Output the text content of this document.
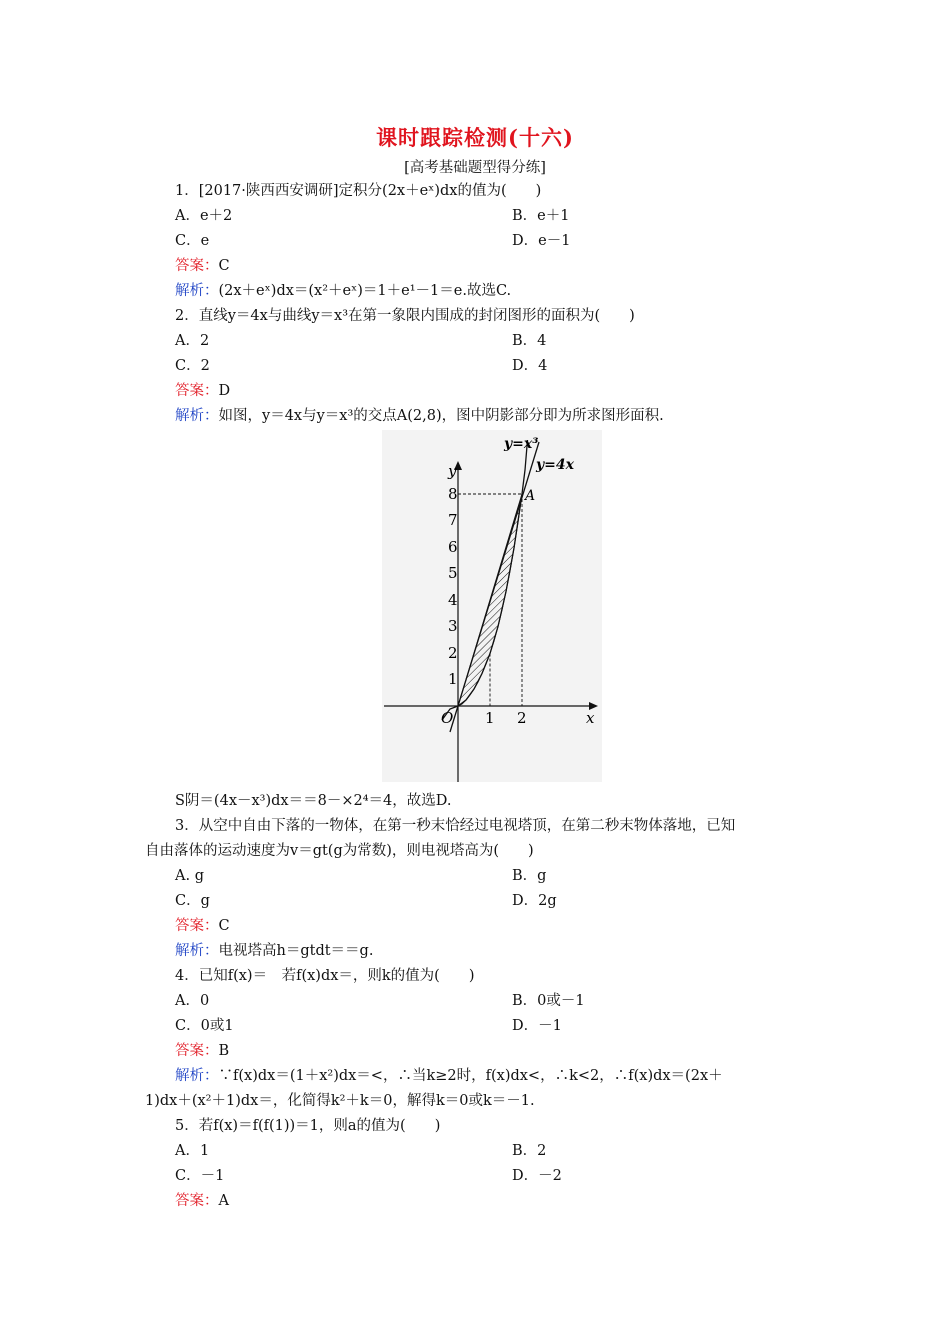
课时跟踪检测(十六)
[高考基础题型得分练]
1．[2017·陕西西安调研]定积分(2x＋eˣ)dx的值为(　　)
A．e＋2	B．e＋1
C．e	D．e－1
答案：C
解析：(2x＋eˣ)dx＝(x²＋eˣ)＝1＋e¹－1＝e.故选C.
2．直线y＝4x与曲线y＝x³在第一象限内围成的封闭图形的面积为(　　)
A．2	B．4
C．2	D．4
答案：D
解析：如图，y＝4x与y＝x³的交点A(2,8)，图中阴影部分即为所求图形面积.
y=x³
y=4x
y
x
O
A
1
2
3
4
5
6
7
8
1 2
S阴＝(4x－x³)dx＝＝8－×2⁴＝4，故选D.
3．从空中自由下落的一物体，在第一秒末恰经过电视塔顶，在第二秒末物体落地，已知
自由落体的运动速度为v＝gt(g为常数)，则电视塔高为(　　)
A. g	B．g
C．g	D．2g
答案：C
解析：电视塔高h＝gtdt＝＝g.
4．已知f(x)＝　若f(x)dx＝，则k的值为(　　)
A．0	B．0或－1
C．0或1	D．－1
答案：B
解析：∵f(x)dx＝(1＋x²)dx＝<，∴当k≥2时，f(x)dx<，∴k<2，∴f(x)dx＝(2x＋
1)dx＋(x²＋1)dx＝，化简得k²＋k＝0，解得k＝0或k＝－1.
5．若f(x)＝f(f(1))＝1，则a的值为(　　)
A．1	B．2
C．－1	D．－2
答案：A
